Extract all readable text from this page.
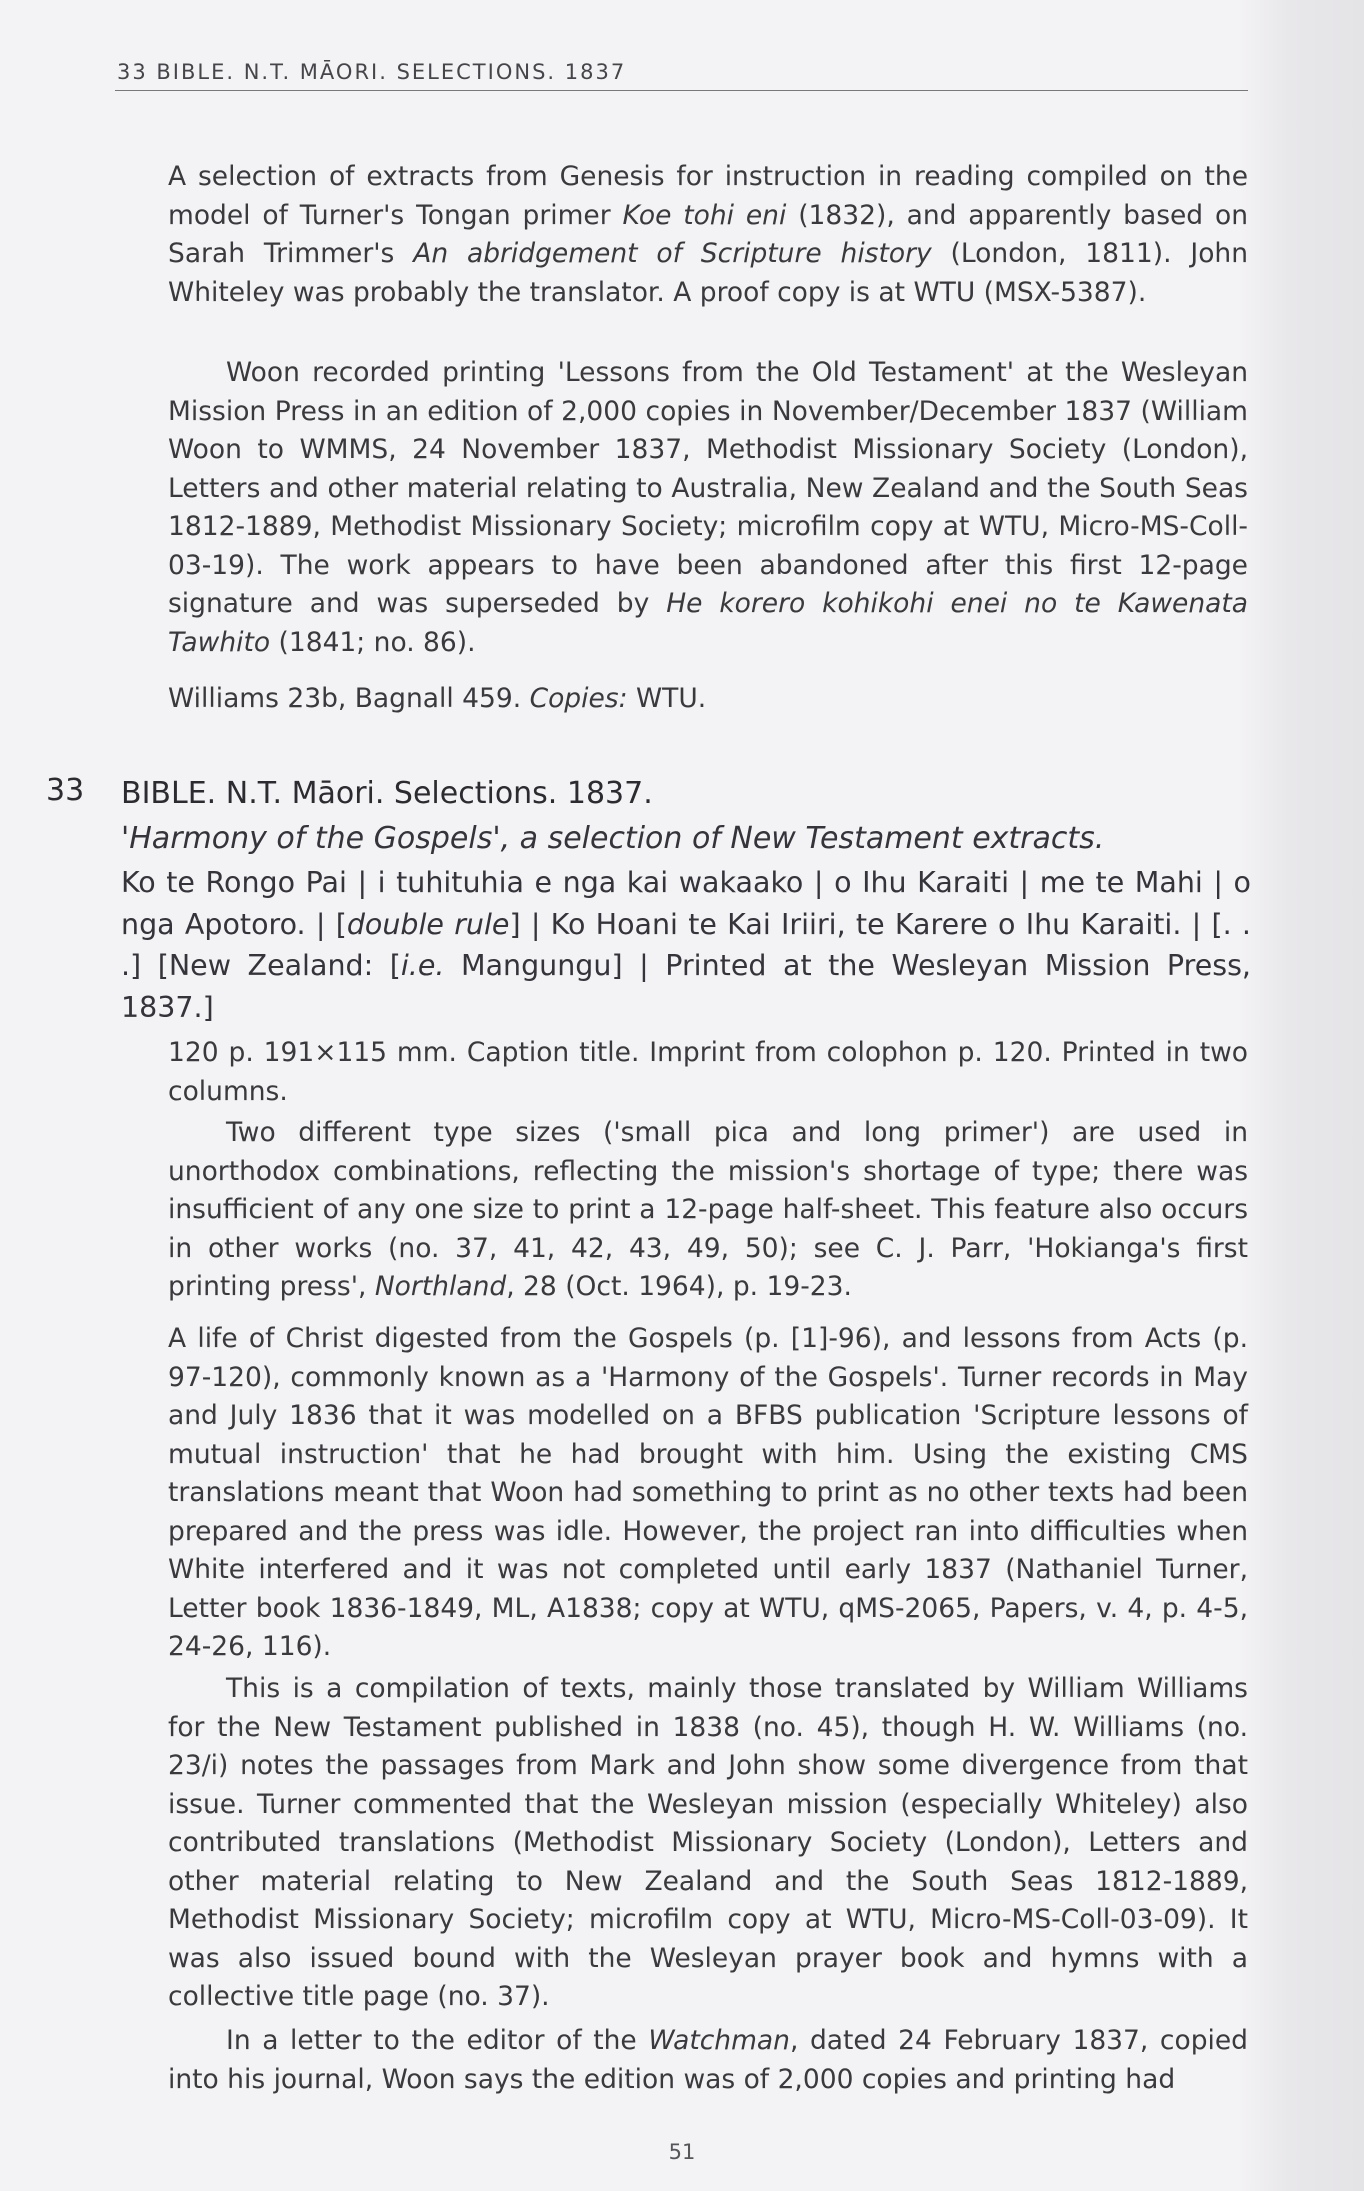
33 BIBLE. N.T. MĀORI. SELECTIONS. 1837

A selection of extracts from Genesis for instruction in reading compiled on the model of Turner's Tongan primer Koe tohi eni (1832), and apparently based on Sarah Trimmer's An abridgement of Scripture history (London, 1811). John Whiteley was probably the translator. A proof copy is at WTU (MSX-5387).

Woon recorded printing 'Lessons from the Old Testament' at the Wesleyan Mission Press in an edition of 2,000 copies in November/December 1837 (William Woon to WMMS, 24 November 1837, Methodist Missionary Society (London), Letters and other material relating to Australia, New Zealand and the South Seas 1812-1889, Methodist Missionary Society; microfilm copy at WTU, Micro-MS-Coll-03-19). The work appears to have been abandoned after this first 12-page signature and was superseded by He korero kohikohi enei no te Kawenata Tawhito (1841; no. 86).

Williams 23b, Bagnall 459. Copies: WTU.

33 BIBLE. N.T. Māori. Selections. 1837.
'Harmony of the Gospels', a selection of New Testament extracts.
Ko te Rongo Pai | i tuhituhia e nga kai wakaako | o Ihu Karaiti | me te Mahi | o nga Apotoro. | [double rule] | Ko Hoani te Kai Iriiri, te Karere o Ihu Karaiti. | [. . .] [New Zealand: [i.e. Mangungu] | Printed at the Wesleyan Mission Press, 1837.]

120 p. 191×115 mm. Caption title. Imprint from colophon p. 120. Printed in two columns.

Two different type sizes ('small pica and long primer') are used in unorthodox combinations, reflecting the mission's shortage of type; there was insufficient of any one size to print a 12-page half-sheet. This feature also occurs in other works (no. 37, 41, 42, 43, 49, 50); see C. J. Parr, 'Hokianga's first printing press', Northland, 28 (Oct. 1964), p. 19-23.

A life of Christ digested from the Gospels (p. [1]-96), and lessons from Acts (p. 97-120), commonly known as a 'Harmony of the Gospels'. Turner records in May and July 1836 that it was modelled on a BFBS publication 'Scripture lessons of mutual instruction' that he had brought with him. Using the existing CMS translations meant that Woon had something to print as no other texts had been prepared and the press was idle. However, the project ran into difficulties when White interfered and it was not completed until early 1837 (Nathaniel Turner, Letter book 1836-1849, ML, A1838; copy at WTU, qMS-2065, Papers, v. 4, p. 4-5, 24-26, 116).

This is a compilation of texts, mainly those translated by William Williams for the New Testament published in 1838 (no. 45), though H. W. Williams (no. 23/i) notes the passages from Mark and John show some divergence from that issue. Turner commented that the Wesleyan mission (especially Whiteley) also contributed translations (Methodist Missionary Society (London), Letters and other material relating to New Zealand and the South Seas 1812-1889, Methodist Missionary Society; microfilm copy at WTU, Micro-MS-Coll-03-09). It was also issued bound with the Wesleyan prayer book and hymns with a collective title page (no. 37).

In a letter to the editor of the Watchman, dated 24 February 1837, copied into his journal, Woon says the edition was of 2,000 copies and printing had

51
